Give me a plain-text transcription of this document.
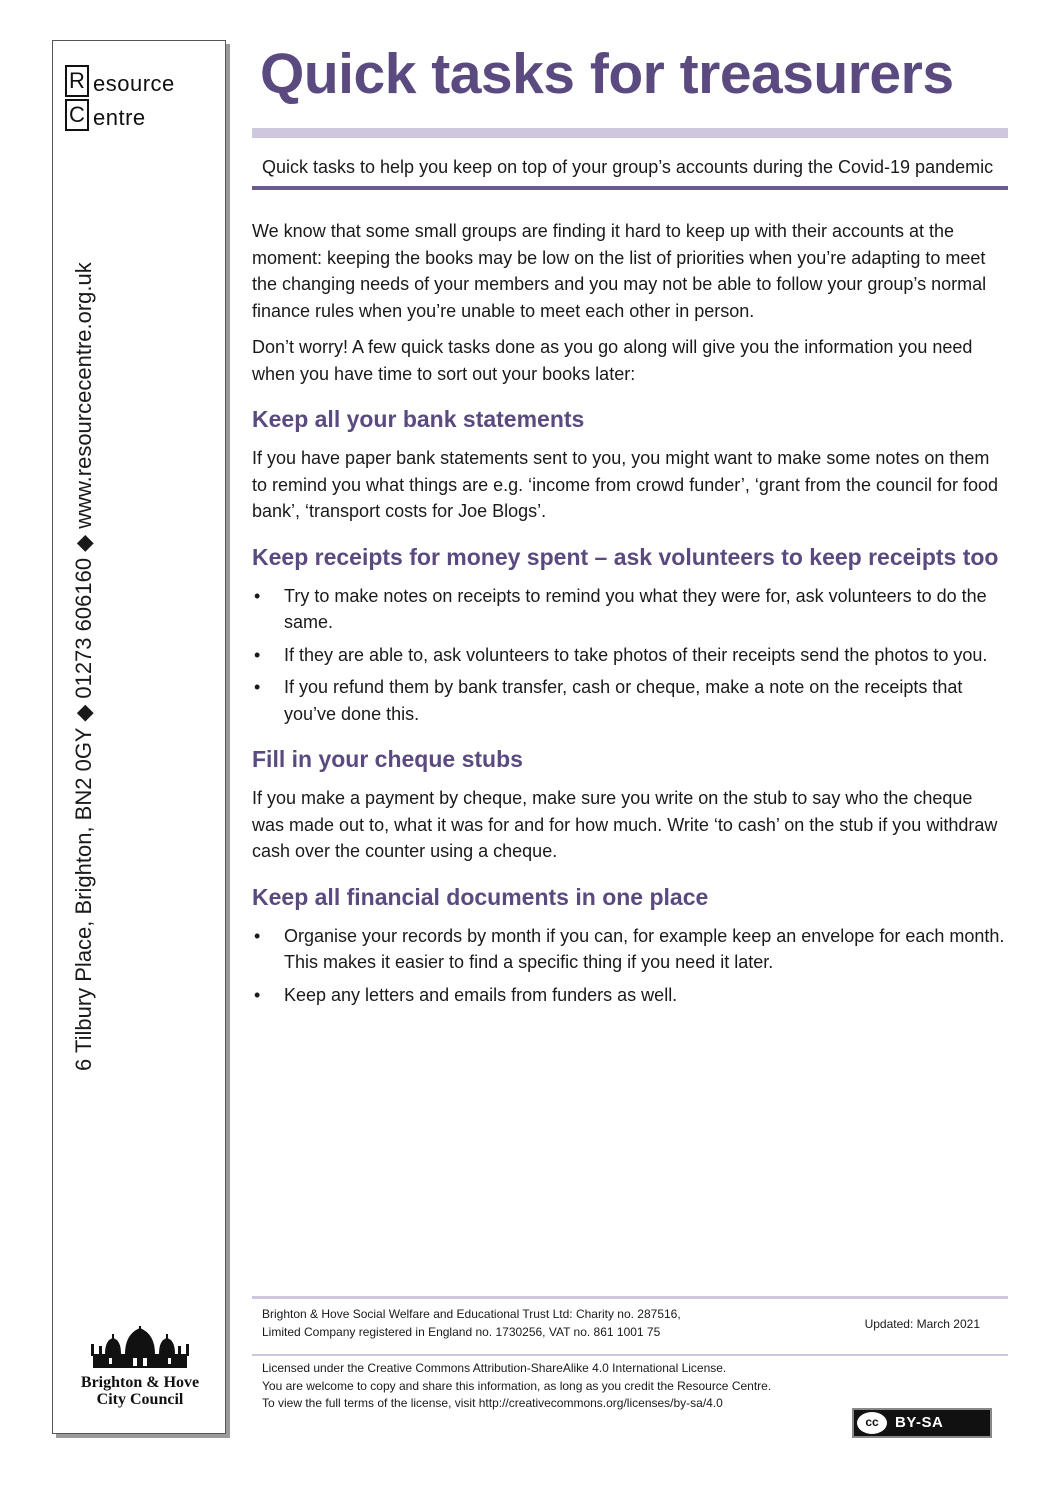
R
C
esource
entre
6 Tilbury Place, Brighton, BN2 0GY ◆ 01273 606160 ◆ www.resourcecentre.org.uk
Brighton & Hove
City Council
Quick tasks for treasurers
Quick tasks to help you keep on top of your group’s accounts during the Covid-19 pandemic

We know that some small groups are finding it hard to keep up with their accounts at the moment: keeping the books may be low on the list of priorities when you’re adapting to meet the changing needs of your members and you may not be able to follow your group’s normal finance rules when you’re unable to meet each other in person.

Don’t worry! A few quick tasks done as you go along will give you the information you need when you have time to sort out your books later:

Keep all your bank statements

If you have paper bank statements sent to you, you might want to make some notes on them to remind you what things are e.g. ‘income from crowd funder’, ‘grant from the council for food bank’, ‘transport costs for Joe Blogs’.

Keep receipts for money spent – ask volunteers to keep receipts too
• Try to make notes on receipts to remind you what they were for, ask volunteers to do the same.
• If they are able to, ask volunteers to take photos of their receipts send the photos to you.
• If you refund them by bank transfer, cash or cheque, make a note on the receipts that you’ve done this.
Fill in your cheque stubs

If you make a payment by cheque, make sure you write on the stub to say who the cheque was made out to, what it was for and for how much. Write ‘to cash’ on the stub if you withdraw cash over the counter using a cheque.

Keep all financial documents in one place
• Organise your records by month if you can, for example keep an envelope for each month. This makes it easier to find a specific thing if you need it later.
• Keep any letters and emails from funders as well.
Brighton & Hove Social Welfare and Educational Trust Ltd: Charity no. 287516,
Limited Company registered in England no. 1730256, VAT no. 861 1001 75
Updated: March 2021
Licensed under the Creative Commons Attribution-ShareAlike 4.0 International License.
You are welcome to copy and share this information, as long as you credit the Resource Centre.
To view the full terms of the license, visit http://creativecommons.org/licenses/by-sa/4.0
cc	BY-SA
